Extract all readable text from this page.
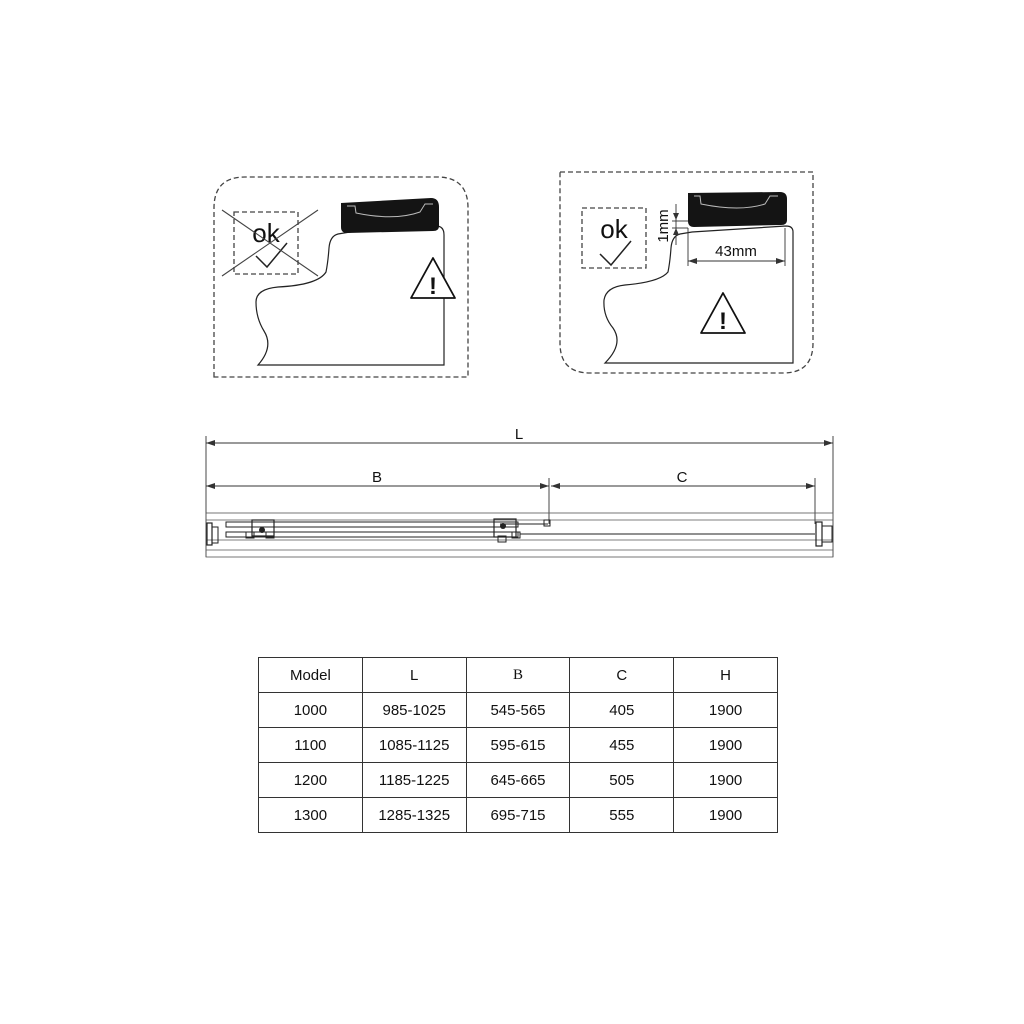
ok
!
ok 1mm
43mm
!
L
B	C
Model	L	B	C	H
1000	985-1025	545-565	405	1900
1100	1085-1125	595-615	455	1900
1200	1185-1225	645-665	505	1900
1300	1285-1325	695-715	555	1900
